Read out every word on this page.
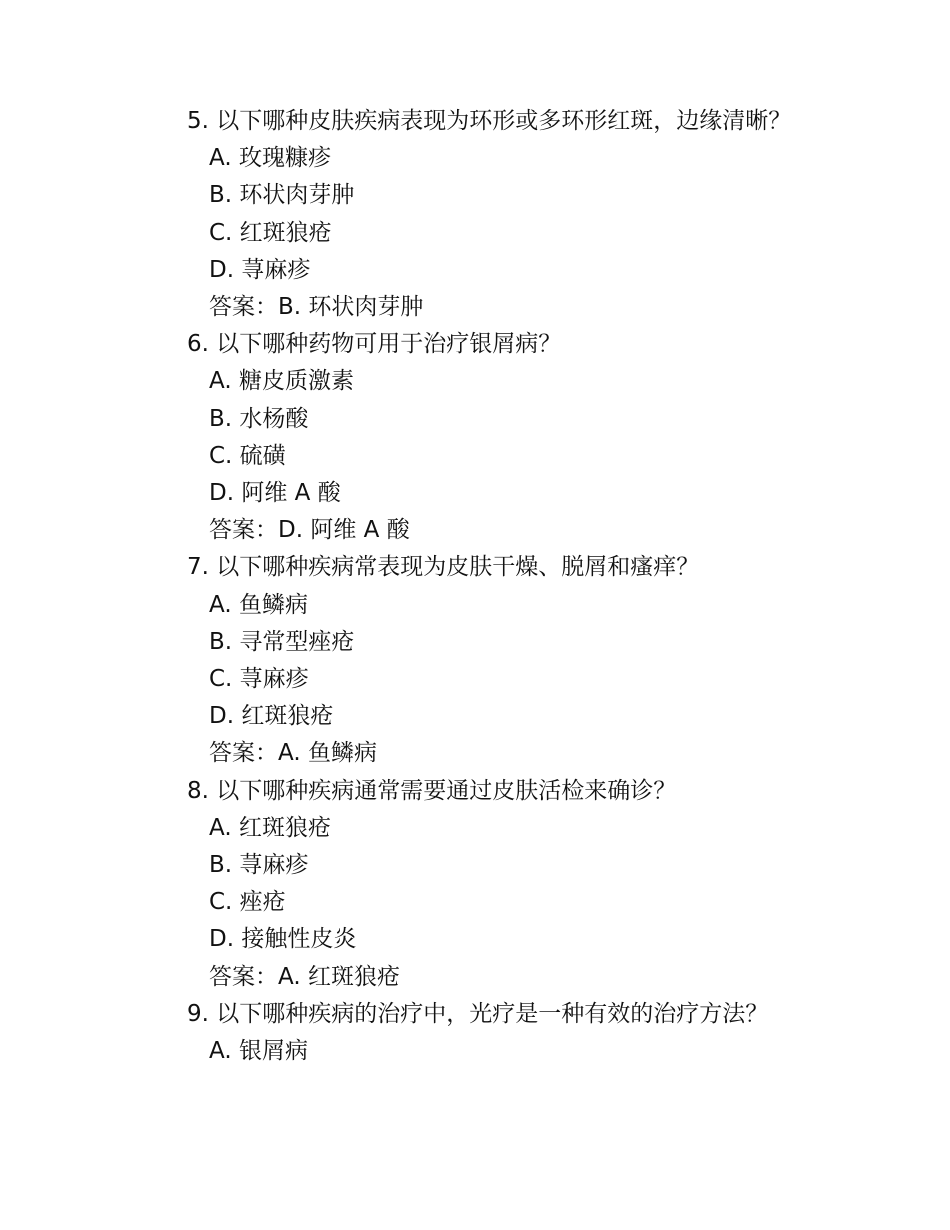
5. 以下哪种皮肤疾病表现为环形或多环形红斑，边缘清晰？

A. 玫瑰糠疹

B. 环状肉芽肿

C. 红斑狼疮

D. 荨麻疹

答案：B. 环状肉芽肿

6. 以下哪种药物可用于治疗银屑病？

A. 糖皮质激素

B. 水杨酸

C. 硫磺

D. 阿维 A 酸

答案：D. 阿维 A 酸

7. 以下哪种疾病常表现为皮肤干燥、脱屑和瘙痒？

A. 鱼鳞病

B. 寻常型痤疮

C. 荨麻疹

D. 红斑狼疮

答案：A. 鱼鳞病

8. 以下哪种疾病通常需要通过皮肤活检来确诊？

A. 红斑狼疮

B. 荨麻疹

C. 痤疮

D. 接触性皮炎

答案：A. 红斑狼疮

9. 以下哪种疾病的治疗中，光疗是一种有效的治疗方法？

A. 银屑病
